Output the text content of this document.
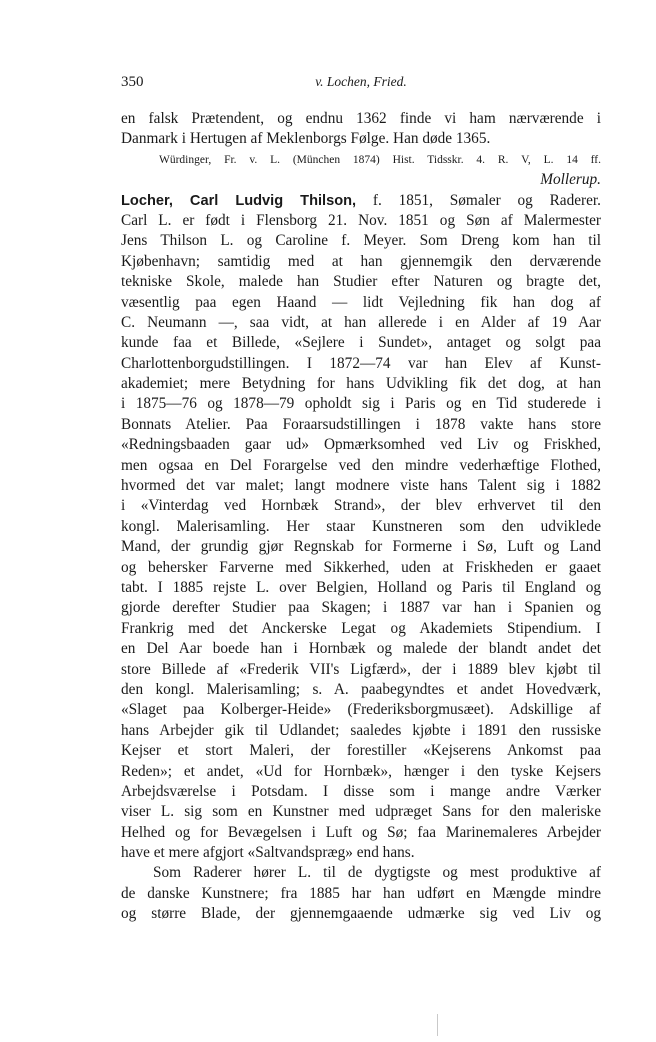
350	v. Lochen, Fried.
en falsk Prætendent, og endnu 1362 finde vi ham nærværende i
Danmark i Hertugen af Meklenborgs Følge. Han døde 1365.
Würdinger, Fr. v. L. (München 1874) Hist. Tidsskr. 4. R. V, L. 14 ff.
Mollerup.
Locher, Carl Ludvig Thilson, f. 1851, Sømaler og Raderer.
Carl L. er født i Flensborg 21. Nov. 1851 og Søn af Malermester
Jens Thilson L. og Caroline f. Meyer. Som Dreng kom han til
Kjøbenhavn; samtidig med at han gjennemgik den derværende
tekniske Skole, malede han Studier efter Naturen og bragte det,
væsentlig paa egen Haand — lidt Vejledning fik han dog af
C. Neumann —, saa vidt, at han allerede i en Alder af 19 Aar
kunde faa et Billede, «Sejlere i Sundet», antaget og solgt paa
Charlottenborgudstillingen. I 1872—74 var han Elev af Kunst-
akademiet; mere Betydning for hans Udvikling fik det dog, at han
i 1875—76 og 1878—79 opholdt sig i Paris og en Tid studerede i
Bonnats Atelier. Paa Foraarsudstillingen i 1878 vakte hans store
«Redningsbaaden gaar ud» Opmærksomhed ved Liv og Friskhed,
men ogsaa en Del Forargelse ved den mindre vederhæftige Flothed,
hvormed det var malet; langt modnere viste hans Talent sig i 1882
i «Vinterdag ved Hornbæk Strand», der blev erhvervet til den
kongl. Malerisamling. Her staar Kunstneren som den udviklede
Mand, der grundig gjør Regnskab for Formerne i Sø, Luft og Land
og behersker Farverne med Sikkerhed, uden at Friskheden er gaaet
tabt. I 1885 rejste L. over Belgien, Holland og Paris til England og
gjorde derefter Studier paa Skagen; i 1887 var han i Spanien og
Frankrig med det Anckerske Legat og Akademiets Stipendium. I
en Del Aar boede han i Hornbæk og malede der blandt andet det
store Billede af «Frederik VII's Ligfærd», der i 1889 blev kjøbt til
den kongl. Malerisamling; s. A. paabegyndtes et andet Hovedværk,
«Slaget paa Kolberger-Heide» (Frederiksborgmusæet). Adskillige af
hans Arbejder gik til Udlandet; saaledes kjøbte i 1891 den russiske
Kejser et stort Maleri, der forestiller «Kejserens Ankomst paa
Reden»; et andet, «Ud for Hornbæk», hænger i den tyske Kejsers
Arbejdsværelse i Potsdam. I disse som i mange andre Værker
viser L. sig som en Kunstner med udpræget Sans for den maleriske
Helhed og for Bevægelsen i Luft og Sø; faa Marinemaleres Arbejder
have et mere afgjort «Saltvandspræg» end hans.
Som Raderer hører L. til de dygtigste og mest produktive af
de danske Kunstnere; fra 1885 har han udført en Mængde mindre
og større Blade, der gjennemgaaende udmærke sig ved Liv og
